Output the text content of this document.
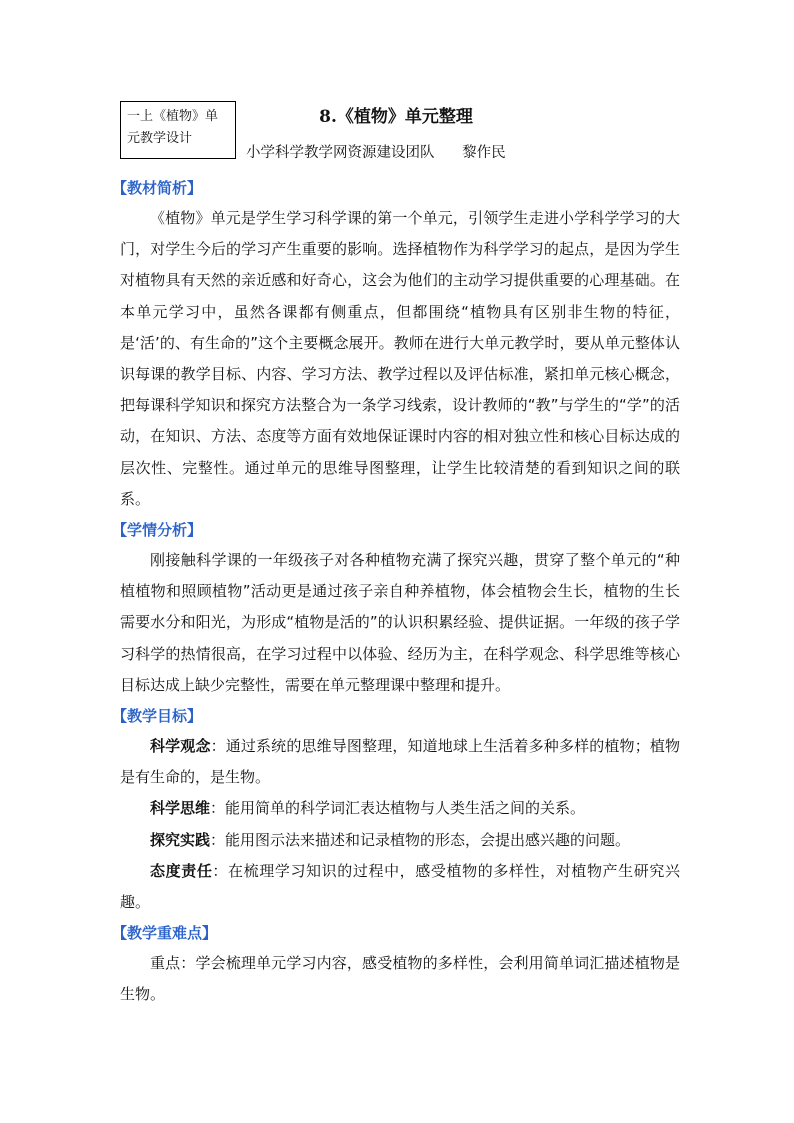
一上《植物》单元教学设计
8.《植物》单元整理
小学科学教学网资源建设团队      黎作民
【教材简析】

《植物》单元是学生学习科学课的第一个单元，引领学生走进小学科学学习的大门，对学生今后的学习产生重要的影响。选择植物作为科学学习的起点，是因为学生对植物具有天然的亲近感和好奇心，这会为他们的主动学习提供重要的心理基础。在本单元学习中，虽然各课都有侧重点，但都围绕“植物具有区别非生物的特征，是‘活’的、有生命的”这个主要概念展开。教师在进行大单元教学时，要从单元整体认识每课的教学目标、内容、学习方法、教学过程以及评估标准，紧扣单元核心概念，把每课科学知识和探究方法整合为一条学习线索，设计教师的“教”与学生的“学”的活动，在知识、方法、态度等方面有效地保证课时内容的相对独立性和核心目标达成的层次性、完整性。通过单元的思维导图整理，让学生比较清楚的看到知识之间的联系。

【学情分析】

刚接触科学课的一年级孩子对各种植物充满了探究兴趣，贯穿了整个单元的“种植植物和照顾植物”活动更是通过孩子亲自种养植物，体会植物会生长，植物的生长需要水分和阳光，为形成“植物是活的”的认识积累经验、提供证据。一年级的孩子学习科学的热情很高，在学习过程中以体验、经历为主，在科学观念、科学思维等核心目标达成上缺少完整性，需要在单元整理课中整理和提升。

【教学目标】

科学观念：通过系统的思维导图整理，知道地球上生活着多种多样的植物；植物是有生命的，是生物。

科学思维：能用简单的科学词汇表达植物与人类生活之间的关系。

探究实践：能用图示法来描述和记录植物的形态，会提出感兴趣的问题。

态度责任：在梳理学习知识的过程中，感受植物的多样性，对植物产生研究兴趣。

【教学重难点】

重点：学会梳理单元学习内容，感受植物的多样性，会利用简单词汇描述植物是生物。
